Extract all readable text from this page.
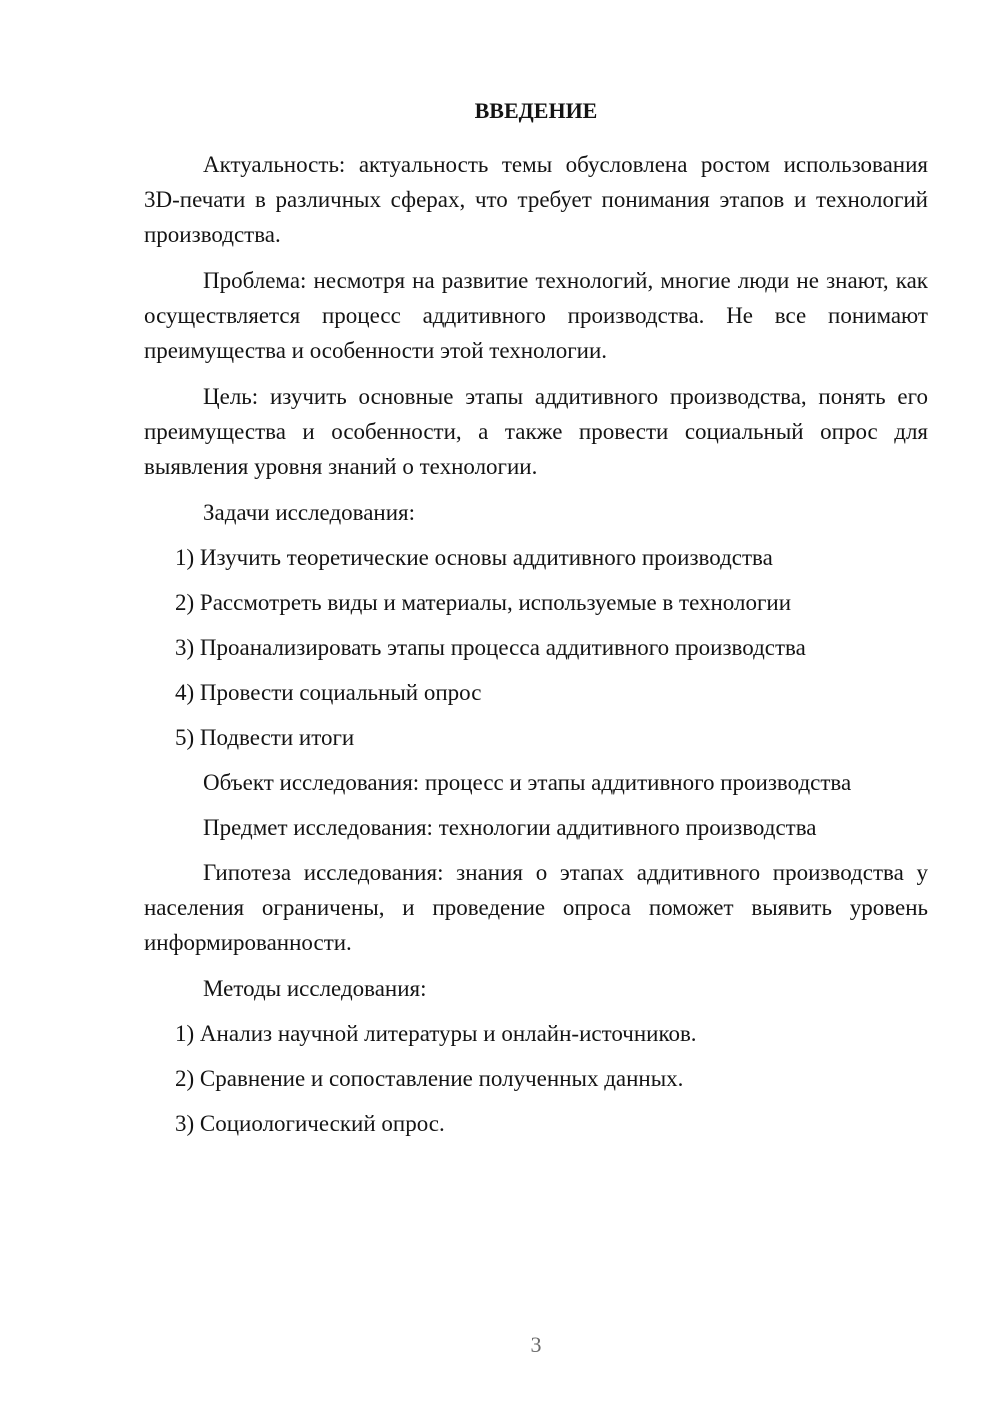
ВВЕДЕНИЕ

Актуальность: актуальность темы обусловлена ростом использования 3D-печати в различных сферах, что требует понимания этапов и технологий производства.

Проблема: несмотря на развитие технологий, многие люди не знают, как осуществляется процесс аддитивного производства. Не все понимают преимущества и особенности этой технологии.

Цель: изучить основные этапы аддитивного производства, понять его преимущества и особенности, а также провести социальный опрос для выявления уровня знаний о технологии.

Задачи исследования:
1) Изучить теоретические основы аддитивного производства
2) Рассмотреть виды и материалы, используемые в технологии
3) Проанализировать этапы процесса аддитивного производства
4) Провести социальный опрос
5) Подвести итоги
Объект исследования: процесс и этапы аддитивного производства
Предмет исследования: технологии аддитивного производства

Гипотеза исследования: знания о этапах аддитивного производства у населения ограничены, и проведение опроса поможет выявить уровень информированности.

Методы исследования:
1) Анализ научной литературы и онлайн-источников.
2) Сравнение и сопоставление полученных данных.
3) Социологический опрос.
3
